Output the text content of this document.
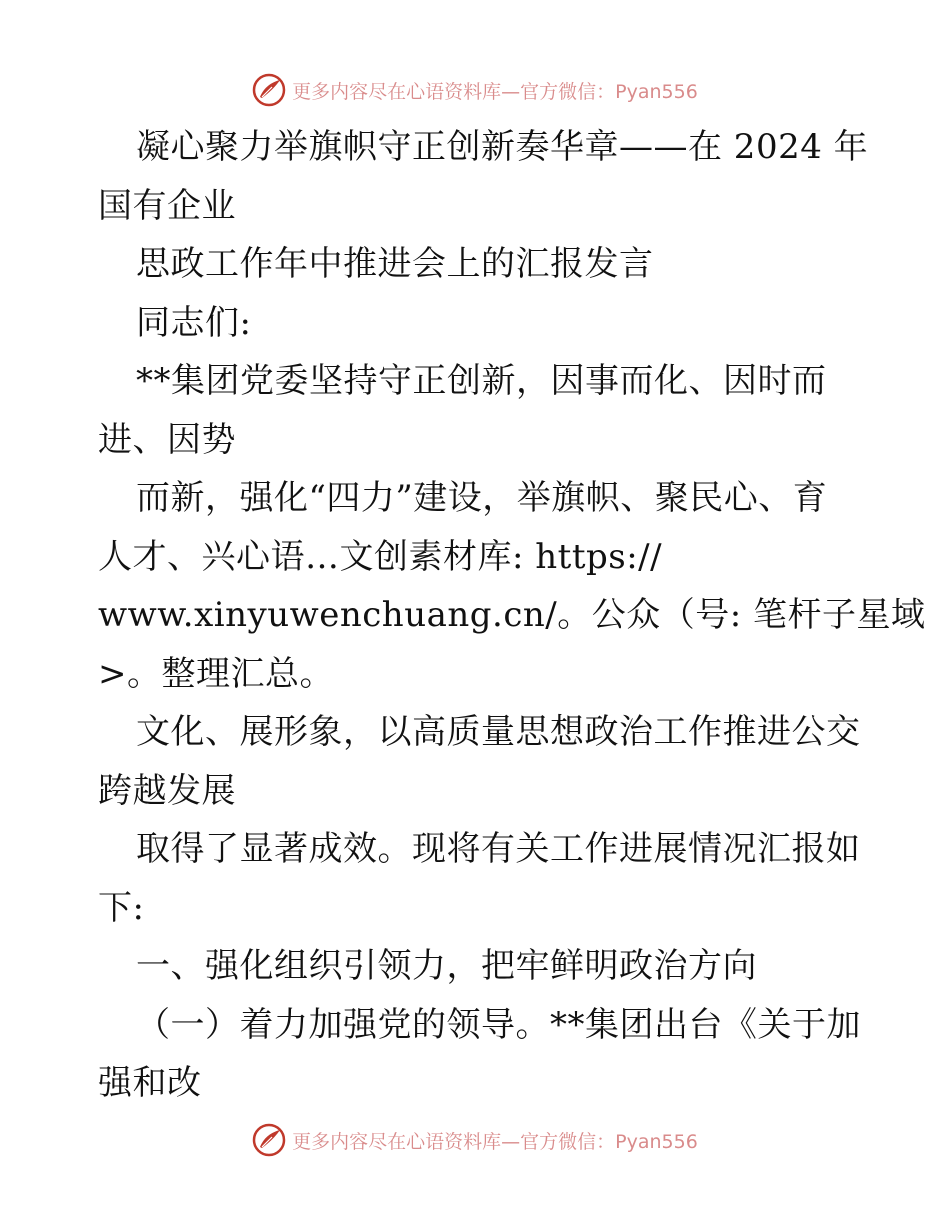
更多内容尽在心语资料库—官方微信：Pyan556
凝心聚力举旗帜守正创新奏华章——在 2024 年
国有企业
思政工作年中推进会上的汇报发言
同志们:
**集团党委坚持守正创新，因事而化、因时而
进、因势
而新，强化“四力”建设，举旗帜、聚民心、育
人才、兴心语…文创素材库: https://
www.xinyuwenchuang.cn/。公众（号: 笔杆子星域
>。整理汇总。
文化、展形象，以高质量思想政治工作推进公交
跨越发展
取得了显著成效。现将有关工作进展情况汇报如
下:
一、强化组织引领力，把牢鲜明政治方向
（一）着力加强党的领导。**集团出台《关于加
强和改
更多内容尽在心语资料库—官方微信：Pyan556
